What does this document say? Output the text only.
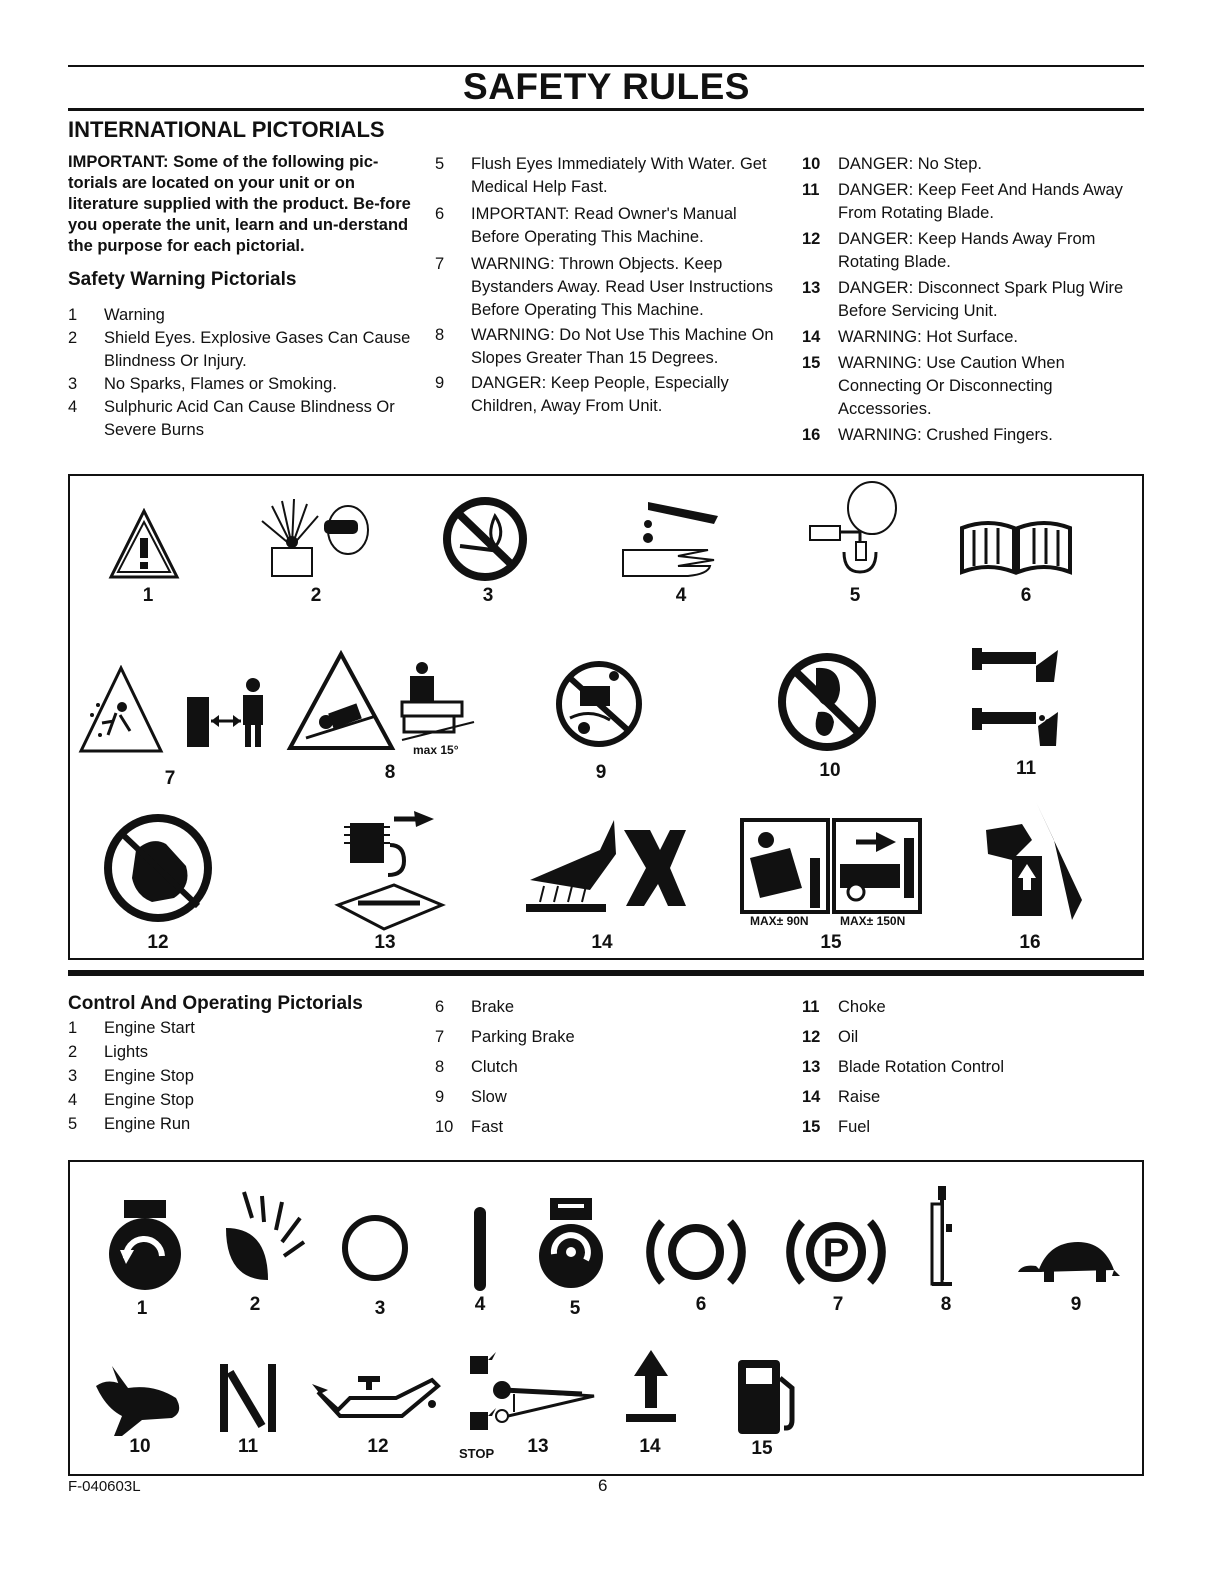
SAFETY RULES
INTERNATIONAL PICTORIALS
IMPORTANT: Some of the following pic-torials are located on your unit or on literature supplied with the product. Be-fore you operate the unit, learn and un-derstand the purpose for each pictorial.
Safety Warning Pictorials
1 Warning
2 Shield Eyes. Explosive Gases Can Cause Blindness Or Injury.
3 No Sparks, Flames or Smoking.
4 Sulphuric Acid Can Cause Blindness Or Severe Burns
5 Flush Eyes Immediately With Water. Get Medical Help Fast.
6 IMPORTANT: Read Owner's Manual Before Operating This Machine.
7 WARNING: Thrown Objects. Keep Bystanders Away. Read User Instructions Before Operating This Machine.
8 WARNING: Do Not Use This Machine On Slopes Greater Than 15 Degrees.
9 DANGER: Keep People, Especially Children, Away From Unit.
10 DANGER: No Step.
11 DANGER: Keep Feet And Hands Away From Rotating Blade.
12 DANGER: Keep Hands Away From Rotating Blade.
13 DANGER: Disconnect Spark Plug Wire Before Servicing Unit.
14 WARNING: Hot Surface.
15 WARNING: Use Caution When Connecting Or Disconnecting Accessories.
16 WARNING: Crushed Fingers.
1	2	3	4	5	6
7
max 15°
8	9	10	11
12	13	14
MAX± 90N	MAX± 150N
15	16
Control And Operating Pictorials
1 Engine Start
2 Lights
3 Engine Stop
4 Engine Stop
5 Engine Run
6 Brake
7 Parking Brake
8 Clutch
9 Slow
10 Fast
11 Choke
12 Oil
13 Blade Rotation Control
14 Raise
15 Fuel
1	2	3	4	5	6
P
7	8	9
10	11	12	STOP	13	14	15
F-040603L	6
